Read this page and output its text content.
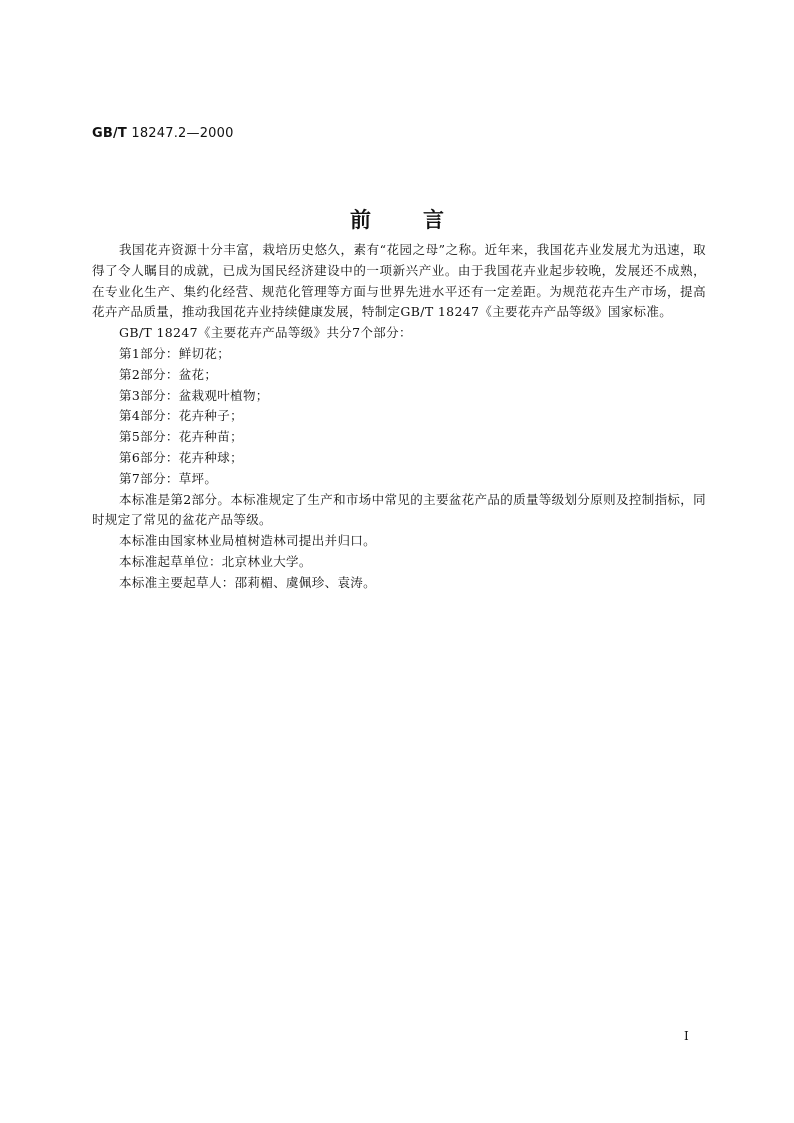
GB/T 18247.2—2000
前言

我国花卉资源十分丰富，栽培历史悠久，素有“花园之母”之称。近年来，我国花卉业发展尤为迅速，取得了令人瞩目的成就，已成为国民经济建设中的一项新兴产业。由于我国花卉业起步较晚，发展还不成熟，在专业化生产、集约化经营、规范化管理等方面与世界先进水平还有一定差距。为规范花卉生产市场，提高花卉产品质量，推动我国花卉业持续健康发展，特制定GB/T 18247《主要花卉产品等级》国家标准。

GB/T 18247《主要花卉产品等级》共分7个部分：

第1部分：鲜切花；

第2部分：盆花；

第3部分：盆栽观叶植物；

第4部分：花卉种子；

第5部分：花卉种苗；

第6部分：花卉种球；

第7部分：草坪。

本标准是第2部分。本标准规定了生产和市场中常见的主要盆花产品的质量等级划分原则及控制指标，同时规定了常见的盆花产品等级。

本标准由国家林业局植树造林司提出并归口。

本标准起草单位：北京林业大学。

本标准主要起草人：邵莉楣、虞佩珍、袁涛。

I
